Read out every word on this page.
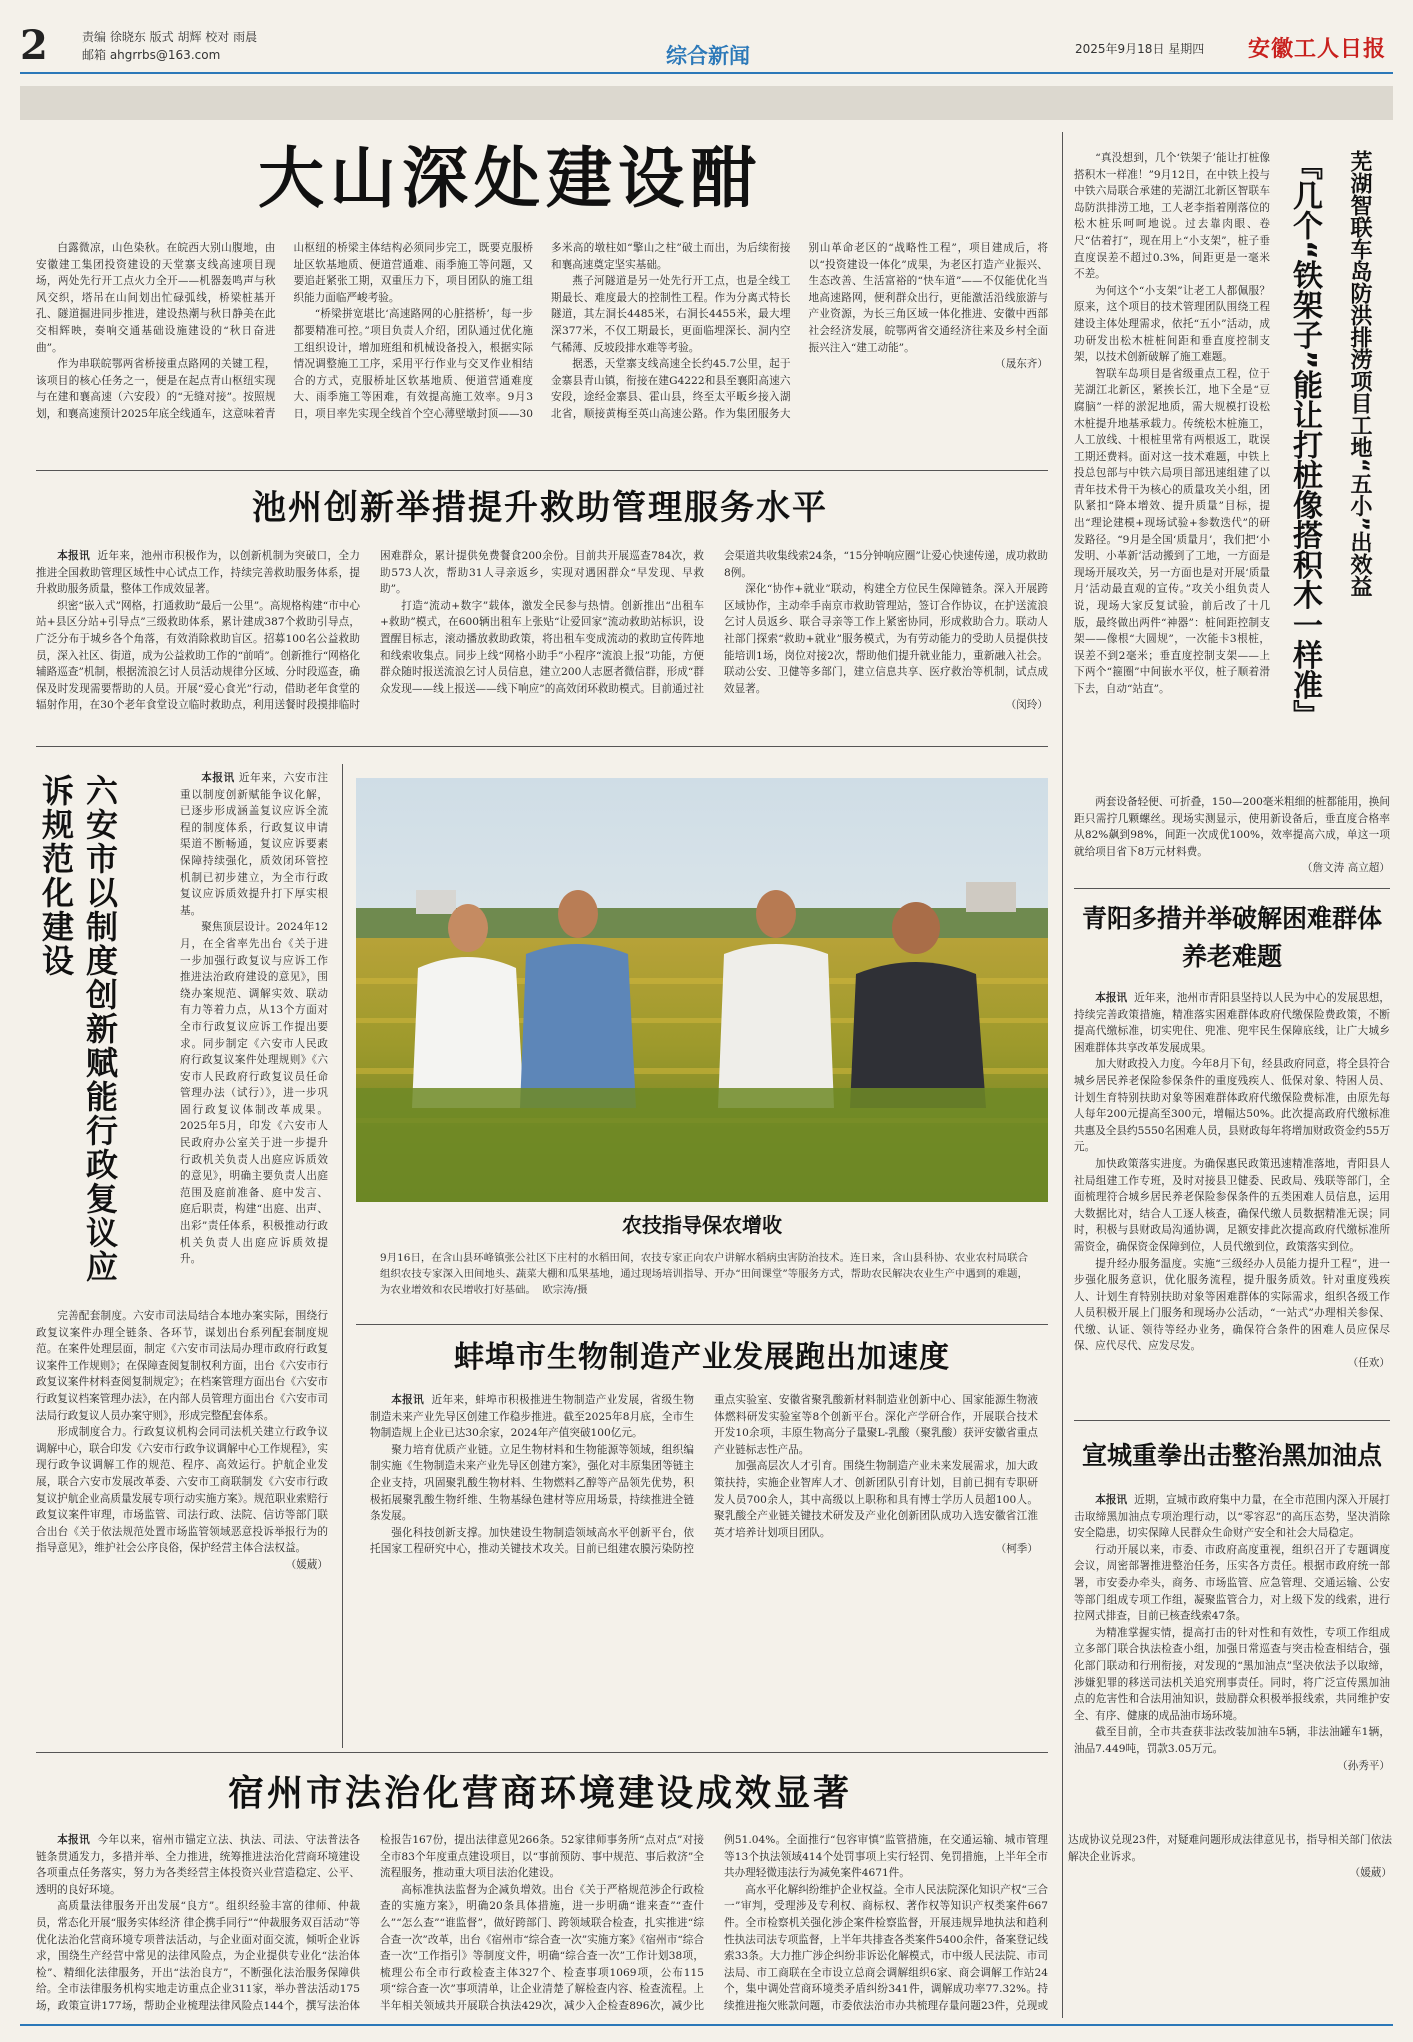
2	责编 徐晓东 版式 胡辉 校对 雨晨
邮箱 ahgrrbs@163.com	综合新闻	2025年9月18日 星期四 安徽工人日报
大山深处建设酣

白露微凉，山色染秋。在皖西大别山腹地，由安徽建工集团投资建设的天堂寨支线高速项目现场，两处先行开工点火力全开——机器轰鸣声与秋风交织，塔吊在山间划出忙碌弧线，桥梁桩基开孔、隧道掘进同步推进，建设热潮与秋日静美在此交相辉映，奏响交通基础设施建设的“秋日奋进曲”。

作为串联皖鄂两省桥接重点路网的关键工程，该项目的核心任务之一，便是在起点青山枢纽实现与在建和襄高速（六安段）的“无缝对接”。按照规划，和襄高速预计2025年底全线通车，这意味着青山枢纽的桥梁主体结构必须同步完工，既要克服桥址区软基地质、便道营通难、雨季施工等问题，又要追赶紧张工期，双重压力下，项目团队的施工组织能力面临严峻考验。

“桥梁拼宽堪比‘高速路网的心脏搭桥’，每一步都要精准可控。”项目负责人介绍，团队通过优化施工组织设计，增加班组和机械设备投入，根据实际情况调整施工工序，采用平行作业与交叉作业相结合的方式，克服桥址区软基地质、便道营通难度大、雨季施工等困难，有效提高施工效率。9月3日，项目率先实现全线首个空心薄壁墩封顶——30多米高的墩柱如“擎山之柱”破土而出，为后续衔接和襄高速奠定坚实基础。

燕子河隧道是另一处先行开工点，也是全线工期最长、难度最大的控制性工程。作为分离式特长隧道，其左洞长4485米，右洞长4455米，最大埋深377米，不仅工期最长，更面临埋深长、洞内空气稀薄、反坡段排水难等考验。

据悉，天堂寨支线高速全长约45.7公里，起于金寨县青山镇，衔接在建G4222和县至襄阳高速六安段，途经金寨县、霍山县，终至太平畈乡接入湖北省，顺接黄梅至英山高速公路。作为集团服务大别山革命老区的“战略性工程”，项目建成后，将以“投资建设一体化”成果，为老区打造产业振兴、生态改善、生活富裕的“快车道”——不仅能优化当地高速路网，便利群众出行，更能激活沿线旅游与产业资源，为长三角区域一体化推进、安徽中西部社会经济发展，皖鄂两省交通经济往来及乡村全面振兴注入“建工动能”。

（晟东齐）

池州创新举措提升救助管理服务水平

本报讯 近年来，池州市积极作为，以创新机制为突破口，全力推进全国救助管理区域性中心试点工作，持续完善救助服务体系，提升救助服务质量，整体工作成效显著。

织密“嵌入式”网格，打通救助“最后一公里”。高规格构建“市中心站+县区分站+引导点”三级救助体系，累计建成387个救助引导点，广泛分布于城乡各个角落，有效消除救助盲区。招募100名公益救助员，深入社区、街道，成为公益救助工作的“前哨”。创新推行“网格化辅路巡查”机制，根据流浪乞讨人员活动规律分区域、分时段巡查，确保及时发现需要帮助的人员。开展“爱心食光”行动，借助老年食堂的辐射作用，在30个老年食堂设立临时救助点，利用送餐时段摸排临时困难群众，累计提供免费餐食200余份。目前共开展巡查784次，救助573人次，帮助31人寻亲返乡，实现对遇困群众“早发现、早救助”。

打造“流动+数字”载体，激发全民参与热情。创新推出“出租车+救助”模式，在600辆出租车上张贴“让爱回家”流动救助站标识，设置醒目标志，滚动播放救助政策，将出租车变成流动的救助宣传阵地和线索收集点。同步上线“网格小助手”小程序“流浪上报”功能，方便群众随时报送流浪乞讨人员信息，建立200人志愿者微信群，形成“群众发现——线上报送——线下响应”的高效闭环救助模式。目前通过社会渠道共收集线索24条，“15分钟响应圈”让爱心快速传递，成功救助8例。

深化“协作+就业”联动，构建全方位民生保障链条。深入开展跨区域协作，主动牵手南京市救助管理站，签订合作协议，在护送流浪乞讨人员返乡、联合寻亲等工作上紧密协同，形成救助合力。联动人社部门探索“救助+就业”服务模式，为有劳动能力的受助人员提供技能培训1场，岗位对接2次，帮助他们提升就业能力，重新融入社会。联动公安、卫健等多部门，建立信息共享、医疗救治等机制，试点成效显著。

（闵玲）

六安市以制度创新赋能行政复议应诉规范化建设	本报讯 近年来，六安市注重以制度创新赋能争议化解，已逐步形成涵盖复议应诉全流程的制度体系，行政复议申请渠道不断畅通，复议应诉要素保障持续强化，质效闭环管控机制已初步建立，为全市行政复议应诉质效提升打下厚实根基。

聚焦顶层设计。2024年12月，在全省率先出台《关于进一步加强行政复议与应诉工作推进法治政府建设的意见》，围绕办案规范、调解实效、联动有力等着力点，从13个方面对全市行政复议应诉工作提出要求。同步制定《六安市人民政府行政复议案件处理规则》《六安市人民政府行政复议员任命管理办法（试行）》，进一步巩固行政复议体制改革成果。2025年5月，印发《六安市人民政府办公室关于进一步提升行政机关负责人出庭应诉质效的意见》，明确主要负责人出庭范围及庭前准备、庭中发言、庭后职责，构建“出庭、出声、出彩”责任体系，积极推动行政机关负责人出庭应诉质效提升。

完善配套制度。六安市司法局结合本地办案实际，围绕行政复议案件办理全链条、各环节，谋划出台系列配套制度规范。在案件处理层面，制定《六安市司法局办理市政府行政复议案件工作规则》；在保障查阅复制权利方面，出台《六安市行政复议案件材料查阅复制规定》；在档案管理方面出台《六安市行政复议档案管理办法》，在内部人员管理方面出台《六安市司法局行政复议人员办案守则》，形成完整配套体系。

形成制度合力。行政复议机构会同司法机关建立行政争议调解中心，联合印发《六安市行政争议调解中心工作规程》，实现行政争议调解工作的规范、程序、高效运行。护航企业发展，联合六安市发展改革委、六安市工商联制发《六安市行政复议护航企业高质量发展专项行动实施方案》。规范职业索赔行政复议案件审理，市场监管、司法行政、法院、信访等部门联合出台《关于依法规范处置市场监管领域恶意投诉举报行为的指导意见》，维护社会公序良俗，保护经营主体合法权益。

（媛葳）

农技指导保农增收
9月16日，在含山县环峰镇张公社区下庄村的水稻田间，农技专家正向农户讲解水稻病虫害防治技术。连日来，含山县科协、农业农村局联合组织农技专家深入田间地头、蔬菜大棚和瓜果基地，通过现场培训指导、开办“田间课堂”等服务方式，帮助农民解决农业生产中遇到的难题，为农业增效和农民增收打好基础。 欧宗涛/摄
蚌埠市生物制造产业发展跑出加速度

本报讯 近年来，蚌埠市积极推进生物制造产业发展，省级生物制造未来产业先导区创建工作稳步推进。截至2025年8月底，全市生物制造规上企业已达30余家，2024年产值突破100亿元。

聚力培育优质产业链。立足生物材料和生物能源等领域，组织编制实施《生物制造未来产业先导区创建方案》，强化对丰原集团等链主企业支持，巩固聚乳酸生物材料、生物燃料乙醇等产品领先优势，积极拓展聚乳酸生物纤维、生物基绿色建材等应用场景，持续推进全链条发展。

强化科技创新支撑。加快建设生物制造领域高水平创新平台，依托国家工程研究中心，推动关键技术攻关。目前已组建农膜污染防控重点实验室、安徽省聚乳酸新材料制造业创新中心、国家能源生物液体燃料研发实验室等8个创新平台。深化产学研合作，开展联合技术开发10余项，丰原生物高分子量聚L-乳酸（聚乳酸）获评安徽省重点产业链标志性产品。

加强高层次人才引育。围绕生物制造产业未来发展需求，加大政策扶持，实施企业智库人才、创新团队引育计划，目前已拥有专职研发人员700余人，其中高级以上职称和具有博士学历人员超100人。聚乳酸全产业链关键技术研发及产业化创新团队成功入选安徽省江淮英才培养计划项目团队。

（柯季）

宿州市法治化营商环境建设成效显著

本报讯 今年以来，宿州市锚定立法、执法、司法、守法普法各链条贯通发力，多措并举、全力推进，统筹推进法治化营商环境建设各项重点任务落实，努力为各类经营主体投资兴业营造稳定、公平、透明的良好环境。

高质量法律服务开出发展“良方”。组织经验丰富的律师、仲裁员，常态化开展“服务实体经济 律企携手同行”“仲裁服务双百活动”等优化法治化营商环境专项普法活动，与企业面对面交流，倾听企业诉求，围绕生产经营中常见的法律风险点，为企业提供专业化“法治体检”、精细化法律服务，开出“法治良方”，不断强化法治服务保障供给。全市法律服务机构实地走访重点企业311家，举办普法活动175场，政策宣讲177场，帮助企业梳理法律风险点144个，撰写法治体检报告167份，提出法律意见266条。52家律师事务所“点对点”对接全市83个年度重点建设项目，以“事前预防、事中规范、事后救济”全流程服务，推动重大项目法治化建设。

高标准执法监督为企减负增效。出台《关于严格规范涉企行政检查的实施方案》，明确20条具体措施，进一步明确“谁来查”“查什么”“怎么查”“谁监督”，做好跨部门、跨领域联合检查，扎实推进“综合查一次”改革，出台《宿州市“综合查一次”实施方案》《宿州市“综合查一次”工作指引》等制度文件，明确“综合查一次”工作计划38项，梳理公布全市行政检查主体327个、检查事项1069项，公布115项“综合查一次”事项清单，让企业清楚了解检查内容、检查流程。上半年相关领域共开展联合执法429次，减少入企检查896次，减少比例51.04%。全面推行“包容审慎”监管措施，在交通运输、城市管理等13个执法领域414个处罚事项上实行轻罚、免罚措施，上半年全市共办理轻微违法行为减免案件4671件。

高水平化解纠纷维护企业权益。全市人民法院深化知识产权“三合一”审判，受理涉及专利权、商标权、著作权等知识产权类案件667件。全市检察机关强化涉企案件检察监督，开展违规异地执法和趋利性执法司法专项监督，上半年共排查各类案件5400余件，备案登记线索33条。大力推广涉企纠纷非诉讼化解模式，市中级人民法院、市司法局、市工商联在全市设立总商会调解组织6家、商会调解工作站24个，集中调处营商环境类矛盾纠纷341件，调解成功率77.32%。持续推进拖欠账款问题，市委依法治市办共梳理存量问题23件，兑现或达成协议兑现23件，对疑难问题形成法律意见书，指导相关部门依法解决企业诉求。

（媛葳）

芜湖智联车岛防洪排涝项目工地“五小”出效益
『几个“铁架子”能让打桩像搭积木一样准』

“真没想到，几个‘铁架子’能让打桩像搭积木一样准！”9月12日，在中铁上投与中铁六局联合承建的芜湖江北新区智联车岛防洪排涝工地，工人老李指着刚落位的松木桩乐呵呵地说。过去靠肉眼、卷尺“估着打”，现在用上“小支架”，桩子垂直度误差不超过0.3%，间距更是一毫米不差。

为何这个“小支架”让老工人都佩服？原来，这个项目的技术管理团队围绕工程建设主体处理需求，依托“五小”活动，成功研发出松木桩桩间距和垂直度控制支架，以技术创新破解了施工难题。

智联车岛项目是省级重点工程，位于芜湖江北新区，紧挨长江，地下全是“豆腐脑”一样的淤泥地质，需大规模打设松木桩提升地基承载力。传统松木桩施工，人工放线、十根桩里常有两根返工，耽误工期还费料。面对这一技术难题，中铁上投总包部与中铁六局项目部迅速组建了以青年技术骨干为核心的质量攻关小组，团队紧扣“降本增效、提升质量”目标，提出“理论建模+现场试验+参数迭代”的研发路径。“9月是全国‘质量月’，我们把‘小发明、小革新’活动搬到了工地，一方面是现场开展攻关，另一方面也是对开展‘质量月’活动最直观的宣传。”攻关小组负责人说，现场大家反复试验，前后改了十几版，最终做出两件“神器”：桩间距控制支架——像根“大圆规”，一次能卡3根桩，误差不到2毫米；垂直度控制支架——上下两个“箍圈”中间嵌水平仪，桩子顺着滑下去，自动“站直”。

两套设备轻便、可折叠，150—200毫米粗细的桩都能用，换间距只需拧几颗螺丝。现场实测显示，使用新设备后，垂直度合格率从82%飙到98%，间距一次成优100%，效率提高六成，单这一项就给项目省下8万元材料费。

（詹文涛 高立超）

青阳多措并举破解困难群体养老难题

本报讯 近年来，池州市青阳县坚持以人民为中心的发展思想，持续完善政策措施，精准落实困难群体政府代缴保险费政策，不断提高代缴标准，切实兜住、兜准、兜牢民生保障底线，让广大城乡困难群体共享改革发展成果。

加大财政投入力度。今年8月下旬，经县政府同意，将全县符合城乡居民养老保险参保条件的重度残疾人、低保对象、特困人员、计划生育特别扶助对象等困难群体政府代缴保险费标准，由原先每人每年200元提高至300元，增幅达50%。此次提高政府代缴标准共惠及全县约5550名困难人员，县财政每年将增加财政资金约55万元。

加快政策落实进度。为确保惠民政策迅速精准落地，青阳县人社局组建工作专班，及时对接县卫健委、民政局、残联等部门，全面梳理符合城乡居民养老保险参保条件的五类困难人员信息，运用大数据比对，结合人工逐人核查，确保代缴人员数据精准无误；同时，积极与县财政局沟通协调，足额安排此次提高政府代缴标准所需资金，确保资金保障到位，人员代缴到位，政策落实到位。

提升经办服务温度。实施“三级经办人员能力提升工程”，进一步强化服务意识，优化服务流程，提升服务质效。针对重度残疾人、计划生育特别扶助对象等困难群体的实际需求，组织各级工作人员积极开展上门服务和现场办公活动，“一站式”办理相关参保、代缴、认证、领待等经办业务，确保符合条件的困难人员应保尽保、应代尽代、应发尽发。

（任欢）

宣城重拳出击整治黑加油点

本报讯 近期，宣城市政府集中力量，在全市范围内深入开展打击取缔黑加油点专项治理行动，以“零容忍”的高压态势，坚决消除安全隐患，切实保障人民群众生命财产安全和社会大局稳定。

行动开展以来，市委、市政府高度重视，组织召开了专题调度会议，周密部署推进整治任务，压实各方责任。根据市政府统一部署，市安委办牵头，商务、市场监管、应急管理、交通运输、公安等部门组成专项工作组，凝聚监管合力，对上级下发的线索，进行拉网式排查，目前已核查线索47条。

为精准掌握实情，提高打击的针对性和有效性，专项工作组成立多部门联合执法检查小组，加强日常巡查与突击检查相结合，强化部门联动和行刑衔接，对发现的“黑加油点”坚决依法予以取缔，涉嫌犯罪的移送司法机关追究刑事责任。同时，将广泛宣传黑加油点的危害性和合法用油知识，鼓励群众积极举报线索，共同维护安全、有序、健康的成品油市场环境。

截至目前，全市共查获非法改装加油车5辆，非法油罐车1辆，油品7.449吨，罚款3.05万元。

（孙秀平）
